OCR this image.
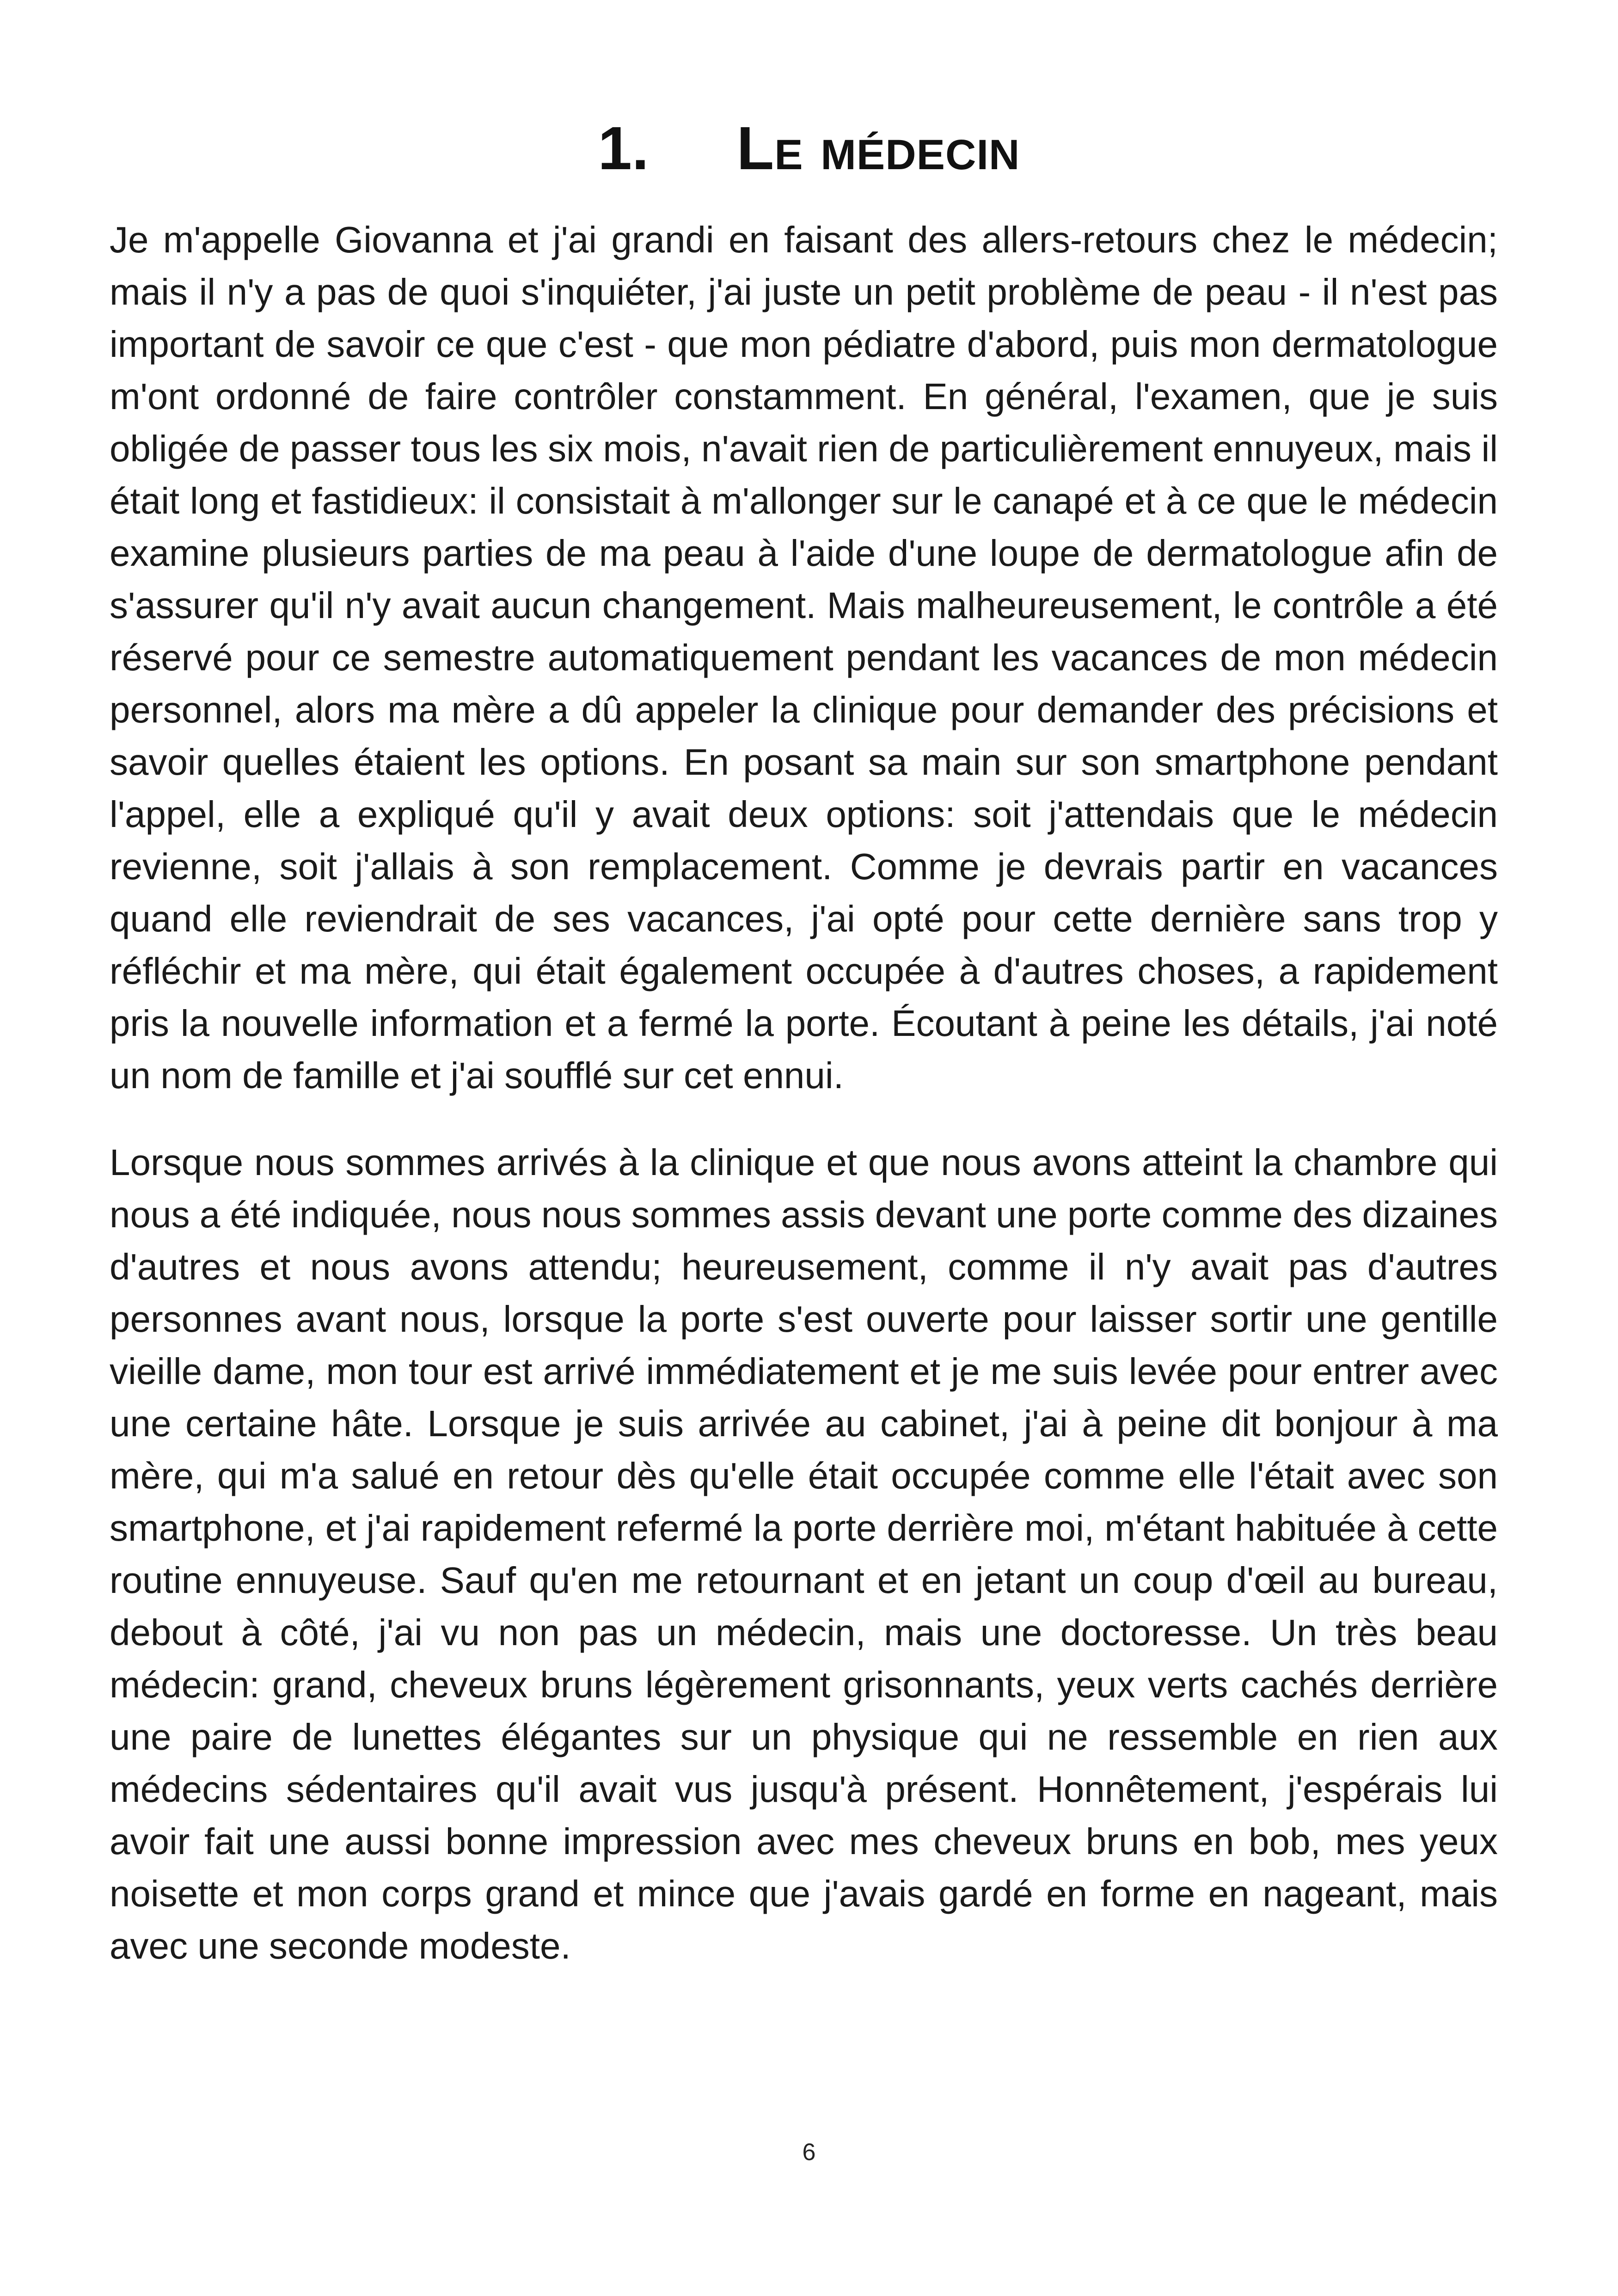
1. Le médecin

Je m'appelle Giovanna et j'ai grandi en faisant des allers-retours chez le médecin; mais il n'y a pas de quoi s'inquiéter, j'ai juste un petit problème de peau - il n'est pas important de savoir ce que c'est - que mon pédiatre d'abord, puis mon dermatologue m'ont ordonné de faire contrôler constamment. En général, l'examen, que je suis obligée de passer tous les six mois, n'avait rien de particulièrement ennuyeux, mais il était long et fastidieux: il consistait à m'allonger sur le canapé et à ce que le médecin examine plusieurs parties de ma peau à l'aide d'une loupe de dermatologue afin de s'assurer qu'il n'y avait aucun changement. Mais malheureusement, le contrôle a été réservé pour ce semestre automatiquement pendant les vacances de mon médecin personnel, alors ma mère a dû appeler la clinique pour demander des précisions et savoir quelles étaient les options. En posant sa main sur son smartphone pendant l'appel, elle a expliqué qu'il y avait deux options: soit j'attendais que le médecin revienne, soit j'allais à son remplacement. Comme je devrais partir en vacances quand elle reviendrait de ses vacances, j'ai opté pour cette dernière sans trop y réfléchir et ma mère, qui était également occupée à d'autres choses, a rapidement pris la nouvelle information et a fermé la porte. Écoutant à peine les détails, j'ai noté un nom de famille et j'ai soufflé sur cet ennui.

Lorsque nous sommes arrivés à la clinique et que nous avons atteint la chambre qui nous a été indiquée, nous nous sommes assis devant une porte comme des dizaines d'autres et nous avons attendu; heureusement, comme il n'y avait pas d'autres personnes avant nous, lorsque la porte s'est ouverte pour laisser sortir une gentille vieille dame, mon tour est arrivé immédiatement et je me suis levée pour entrer avec une certaine hâte. Lorsque je suis arrivée au cabinet, j'ai à peine dit bonjour à ma mère, qui m'a salué en retour dès qu'elle était occupée comme elle l'était avec son smartphone, et j'ai rapidement refermé la porte derrière moi, m'étant habituée à cette routine ennuyeuse. Sauf qu'en me retournant et en jetant un coup d'œil au bureau, debout à côté, j'ai vu non pas un médecin, mais une doctoresse. Un très beau médecin: grand, cheveux bruns légèrement grisonnants, yeux verts cachés derrière une paire de lunettes élégantes sur un physique qui ne ressemble en rien aux médecins sédentaires qu'il avait vus jusqu'à présent. Honnêtement, j'espérais lui avoir fait une aussi bonne impression avec mes cheveux bruns en bob, mes yeux noisette et mon corps grand et mince que j'avais gardé en forme en nageant, mais avec une seconde modeste.

6
